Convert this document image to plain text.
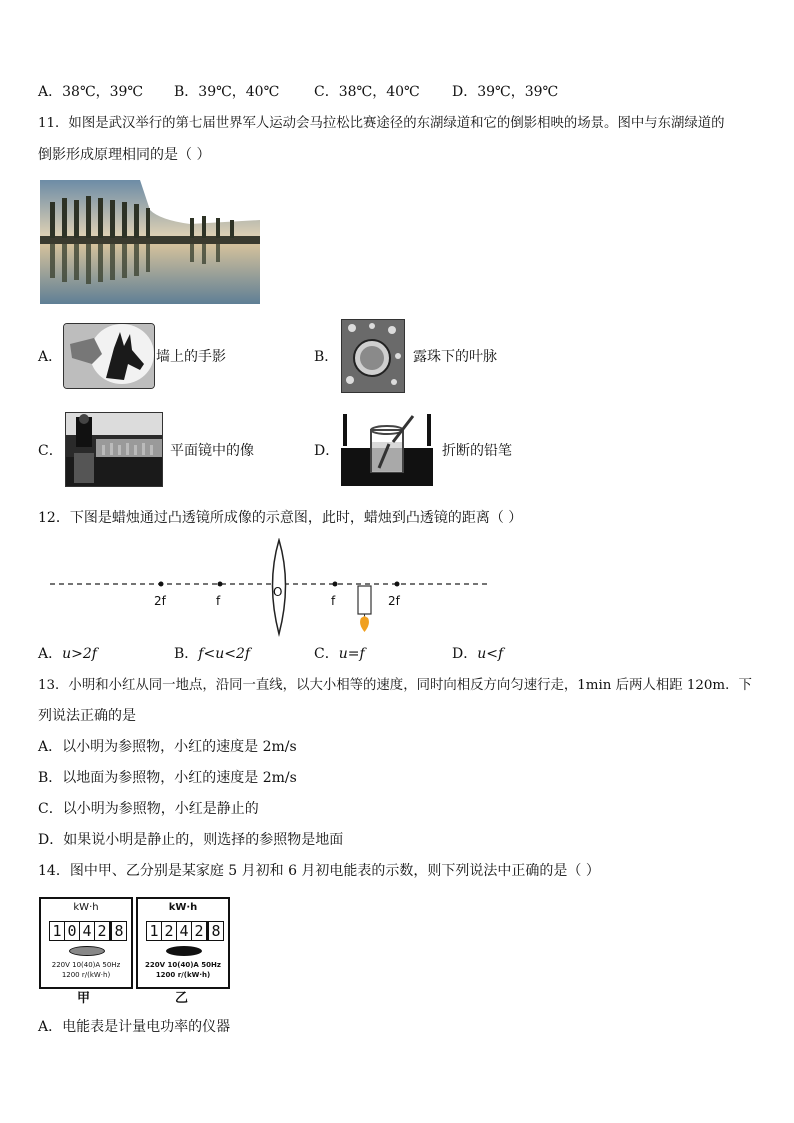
A．38℃，39℃ B．39℃，40℃ C．38℃，40℃ D．39℃，39℃
11．如图是武汉举行的第七届世界军人运动会马拉松比赛途径的东湖绿道和它的倒影相映的场景。图中与东湖绿道的
倒影形成原理相同的是（ ）
A．	墙上的手影	B．	露珠下的叶脉
C．	平面镜中的像	D．	折断的铅笔
12．下图是蜡烛通过凸透镜所成像的示意图，此时，蜡烛到凸透镜的距离（ ）
2f	f
O
f	2f
A．u>2f	B．f<u<2f	C．u=f	D．u<f
13．小明和小红从同一地点，沿同一直线，以大小相等的速度，同时向相反方向匀速行走，1min 后两人相距 120m．下
列说法正确的是
A．以小明为参照物，小红的速度是 2m/s
B．以地面为参照物，小红的速度是 2m/s
C．以小明为参照物，小红是静止的
D．如果说小明是静止的，则选择的参照物是地面
14．图中甲、乙分别是某家庭 5 月初和 6 月初电能表的示数，则下列说法中正确的是（ ）
kW·h
1 0 4 2 8
220V 10(40)A 50Hz
1200 r/(kW·h)
甲
kW·h
1 2 4 2 8
220V 10(40)A 50Hz
1200 r/(kW·h)
乙
A．电能表是计量电功率的仪器
